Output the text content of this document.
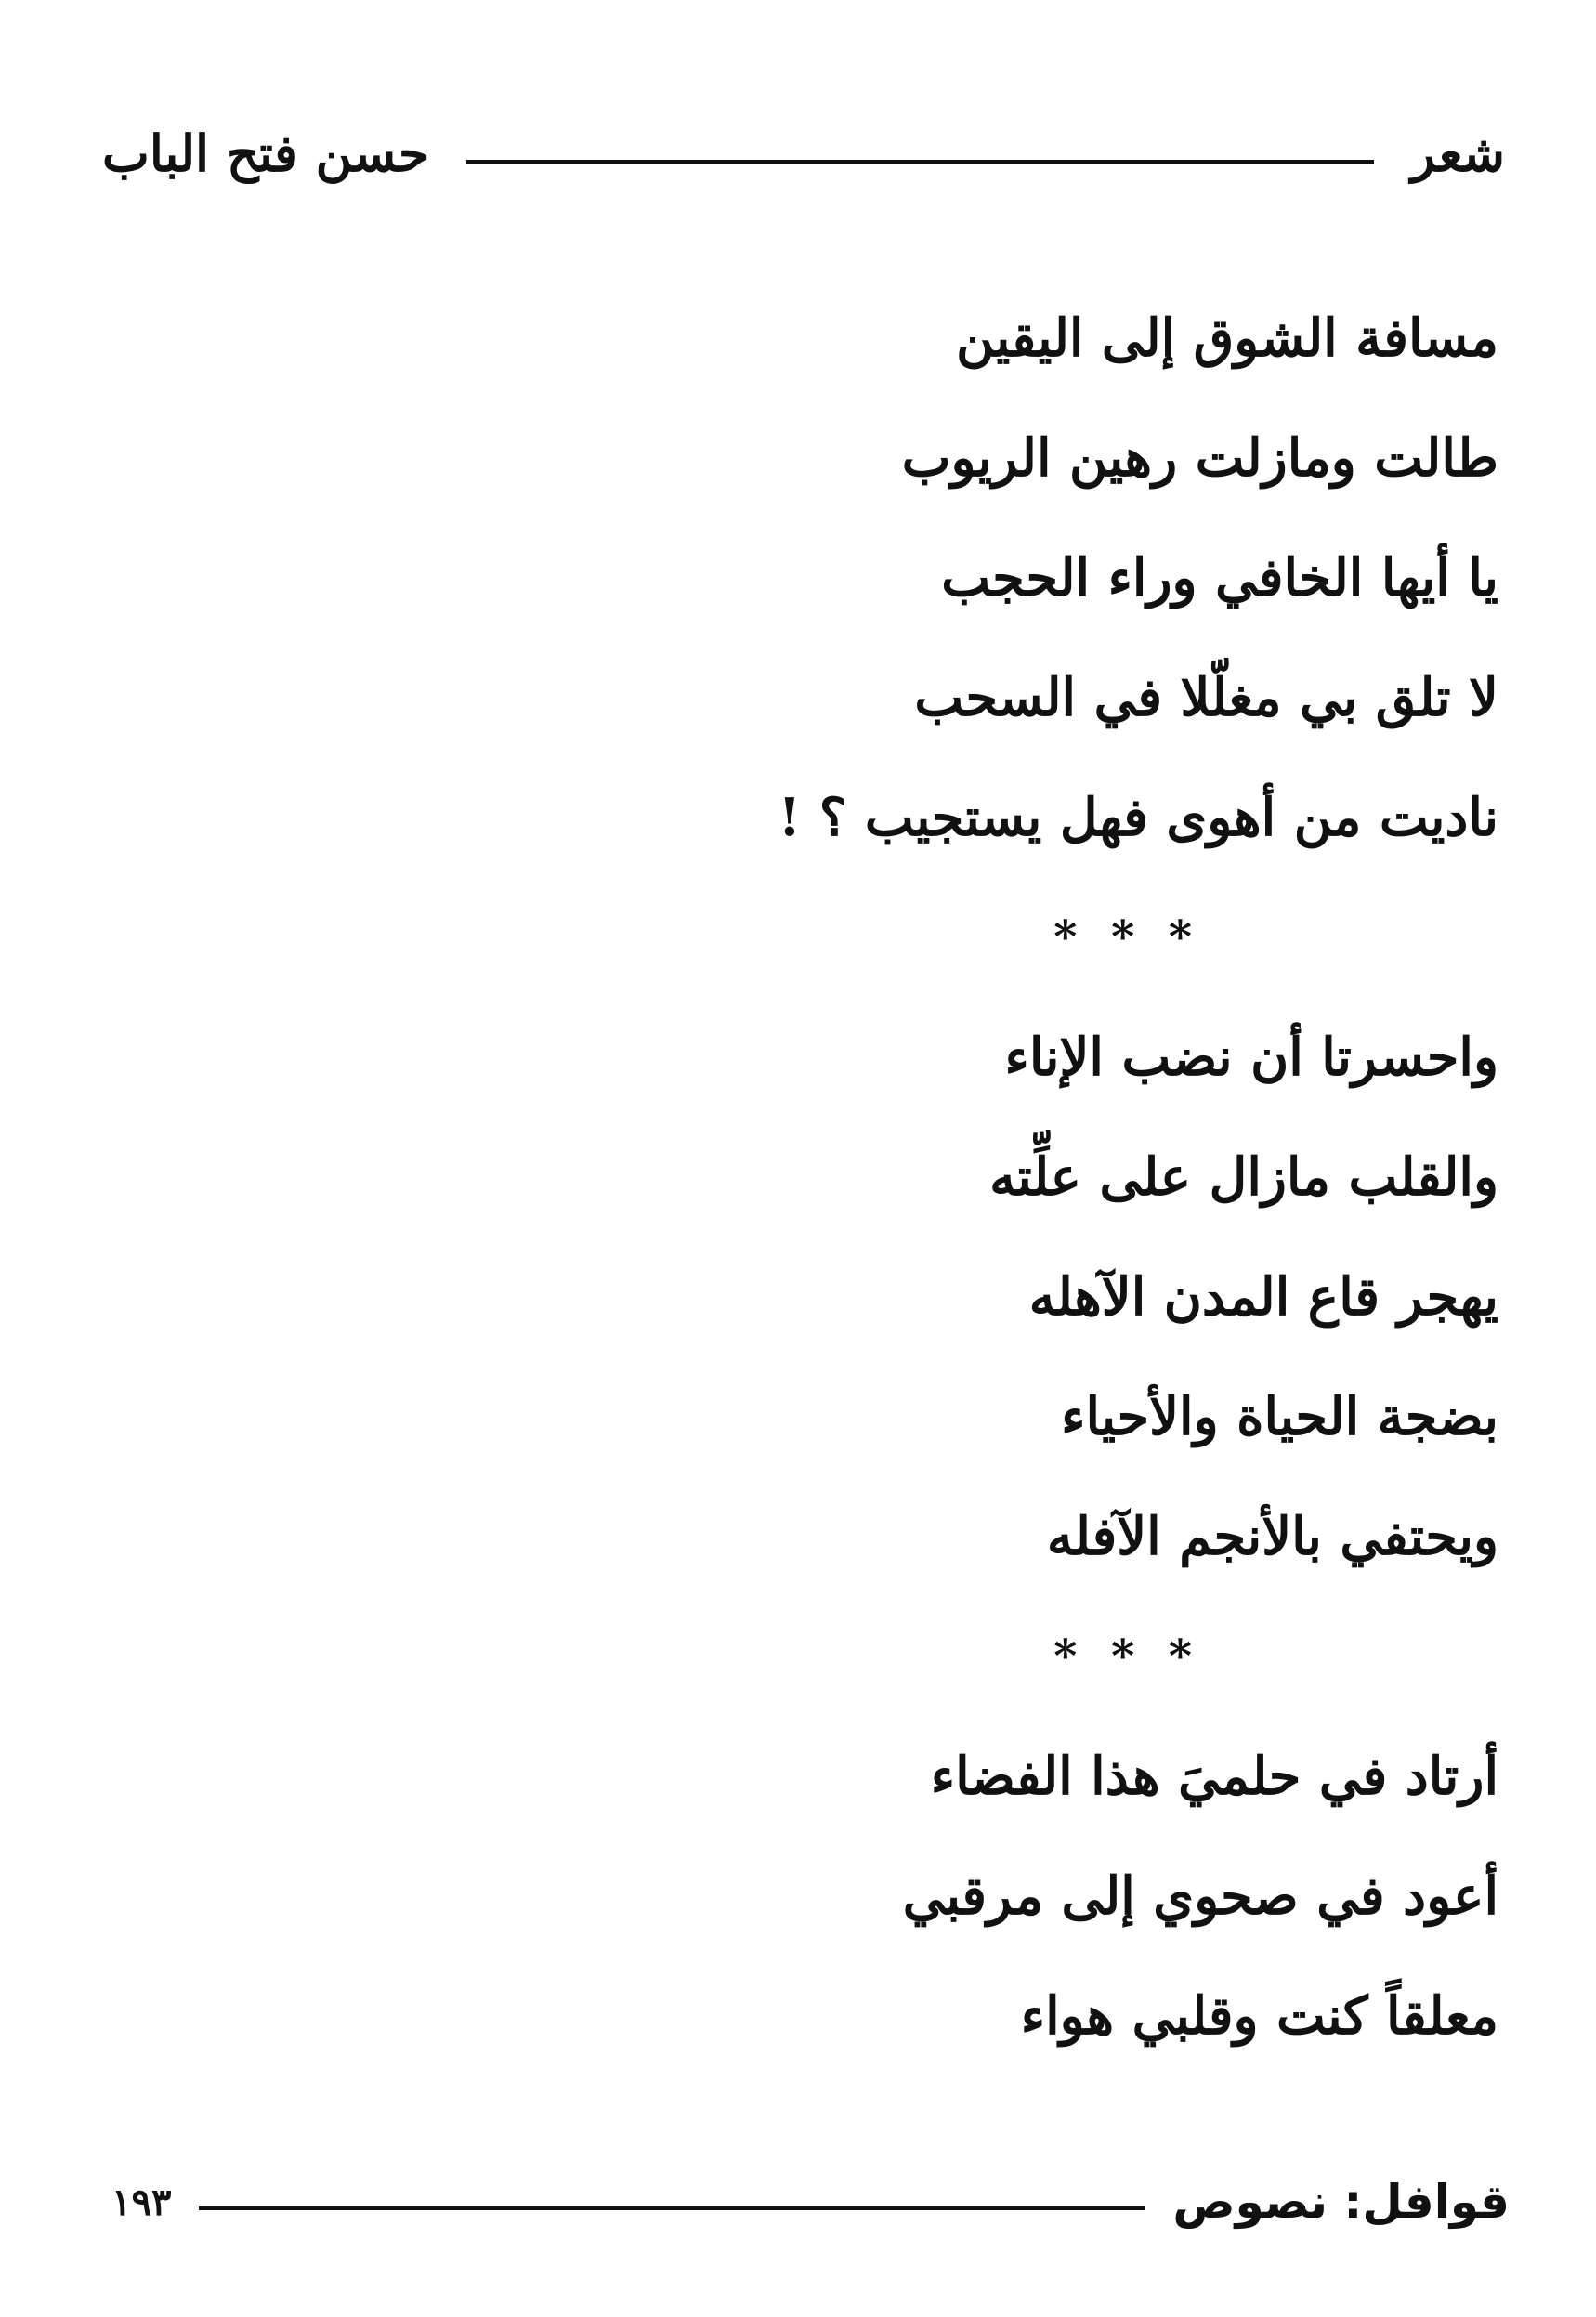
شعر
حسن فتح الباب
مسافة الشوق إلى اليقين
طالت ومازلت رهين الريوب
يا أيها الخافي وراء الحجب
لا تلق بي مغلّلا في السحب
ناديت من أهوى فهل يستجيب ؟ !
* * *
واحسرتا أن نضب الإناء
والقلب مازال على علِّته
يهجر قاع المدن الآهله
بضجة الحياة والأحياء
ويحتفي بالأنجم الآفله
* * *
أرتاد في حلميَ هذا الفضاء
أعود في صحوي إلى مرقبي
معلقاً كنت وقلبي هواء
قوافل: نصوص
١٩٣
